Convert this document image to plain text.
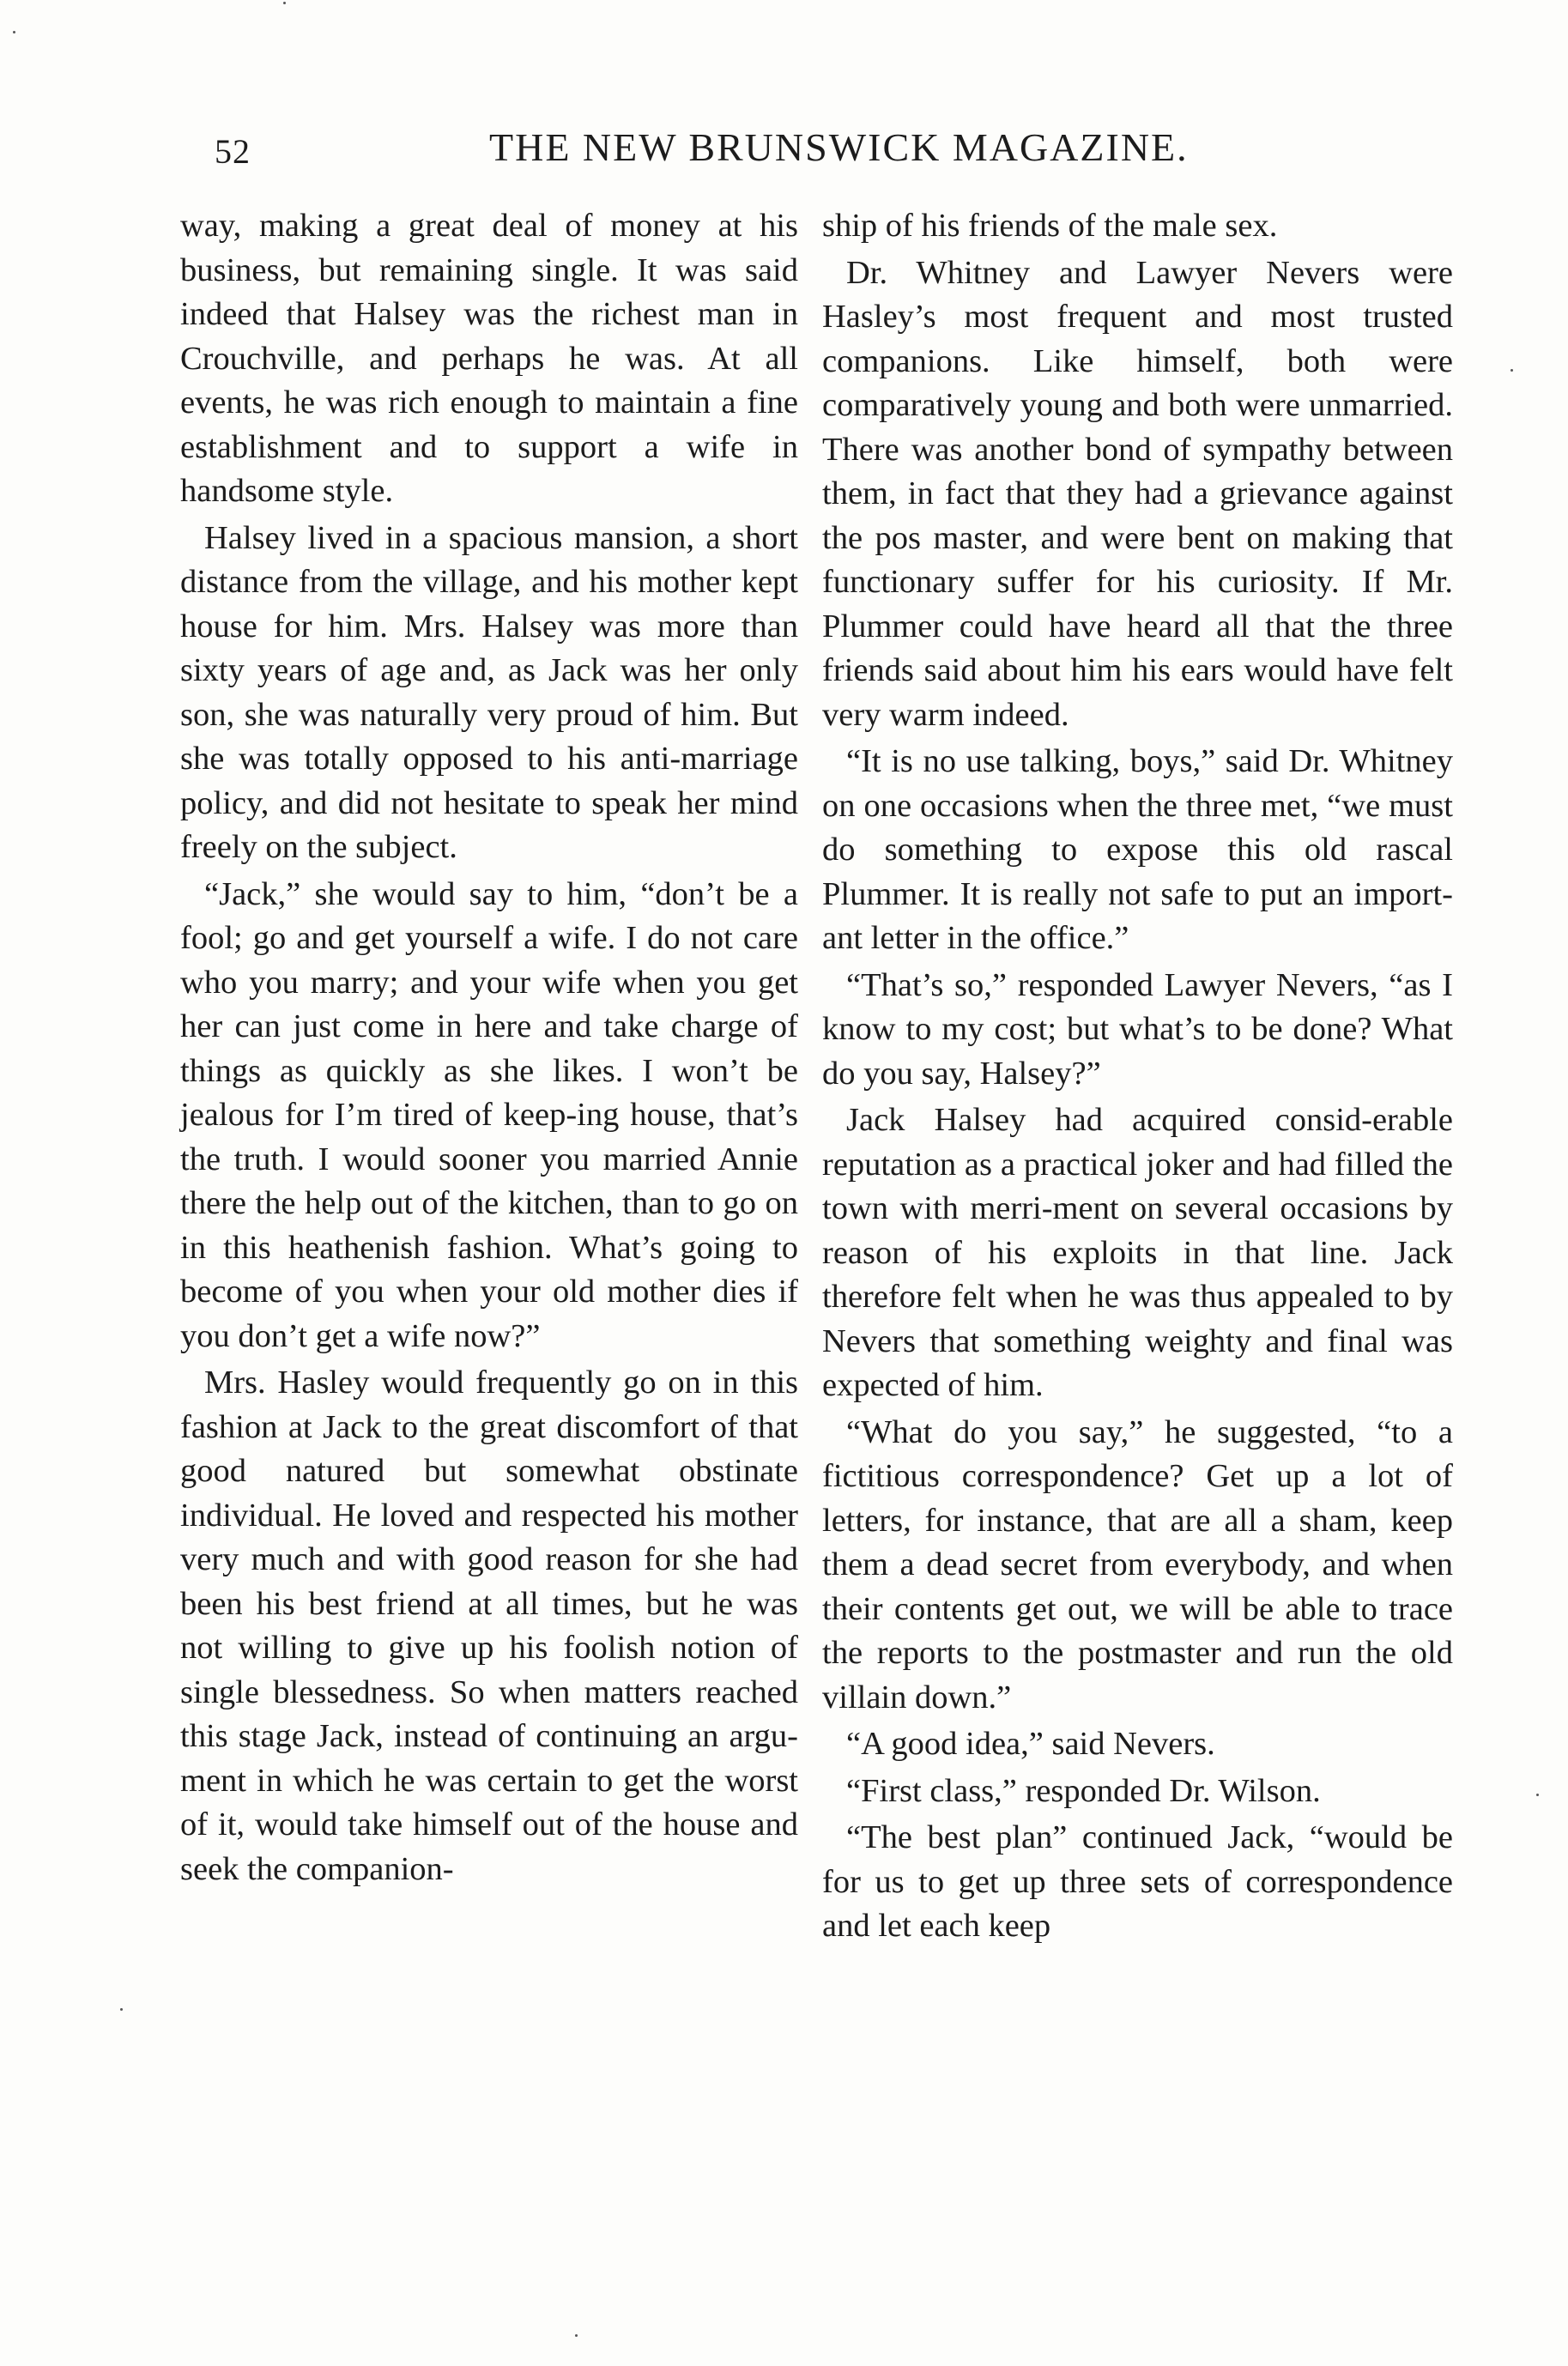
52	THE NEW BRUNSWICK MAGAZINE.

way, making a great deal of money at his business, but remaining single. It was said indeed that Halsey was the richest man in Crouchville, and perhaps he was. At all events, he was rich enough to maintain a fine establishment and to support a wife in handsome style.

Halsey lived in a spacious mansion, a short distance from the village, and his mother kept house for him. Mrs. Halsey was more than sixty years of age and, as Jack was her only son, she was naturally very proud of him. But she was totally opposed to his anti-marriage policy, and did not hesitate to speak her mind freely on the subject.

“Jack,” she would say to him, “don’t be a fool; go and get yourself a wife. I do not care who you marry; and your wife when you get her can just come in here and take charge of things as quickly as she likes. I won’t be jealous for I’m tired of keep-ing house, that’s the truth. I would sooner you married Annie there the help out of the kitchen, than to go on in this heathenish fashion. What’s going to become of you when your old mother dies if you don’t get a wife now?”

Mrs. Hasley would frequently go on in this fashion at Jack to the great discomfort of that good natured but somewhat obstinate individual. He loved and respected his mother very much and with good reason for she had been his best friend at all times, but he was not willing to give up his foolish notion of single blessedness. So when matters reached this stage Jack, instead of continuing an argu-ment in which he was certain to get the worst of it, would take himself out of the house and seek the companion-

ship of his friends of the male sex.

Dr. Whitney and Lawyer Nevers were Hasley’s most frequent and most trusted companions. Like himself, both were comparatively young and both were unmarried. There was another bond of sympathy between them, in fact that they had a grievance against the pos master, and were bent on making that functionary suffer for his curiosity. If Mr. Plummer could have heard all that the three friends said about him his ears would have felt very warm indeed.

“It is no use talking, boys,” said Dr. Whitney on one occasions when the three met, “we must do something to expose this old rascal Plummer. It is really not safe to put an import-ant letter in the office.”

“That’s so,” responded Lawyer Nevers, “as I know to my cost; but what’s to be done? What do you say, Halsey?”

Jack Halsey had acquired consid-erable reputation as a practical joker and had filled the town with merri-ment on several occasions by reason of his exploits in that line. Jack therefore felt when he was thus appealed to by Nevers that something weighty and final was expected of him.

“What do you say,” he suggested, “to a fictitious correspondence? Get up a lot of letters, for instance, that are all a sham, keep them a dead secret from everybody, and when their contents get out, we will be able to trace the reports to the postmaster and run the old villain down.”

“A good idea,” said Nevers.

“First class,” responded Dr. Wilson.

“The best plan” continued Jack, “would be for us to get up three sets of correspondence and let each keep
